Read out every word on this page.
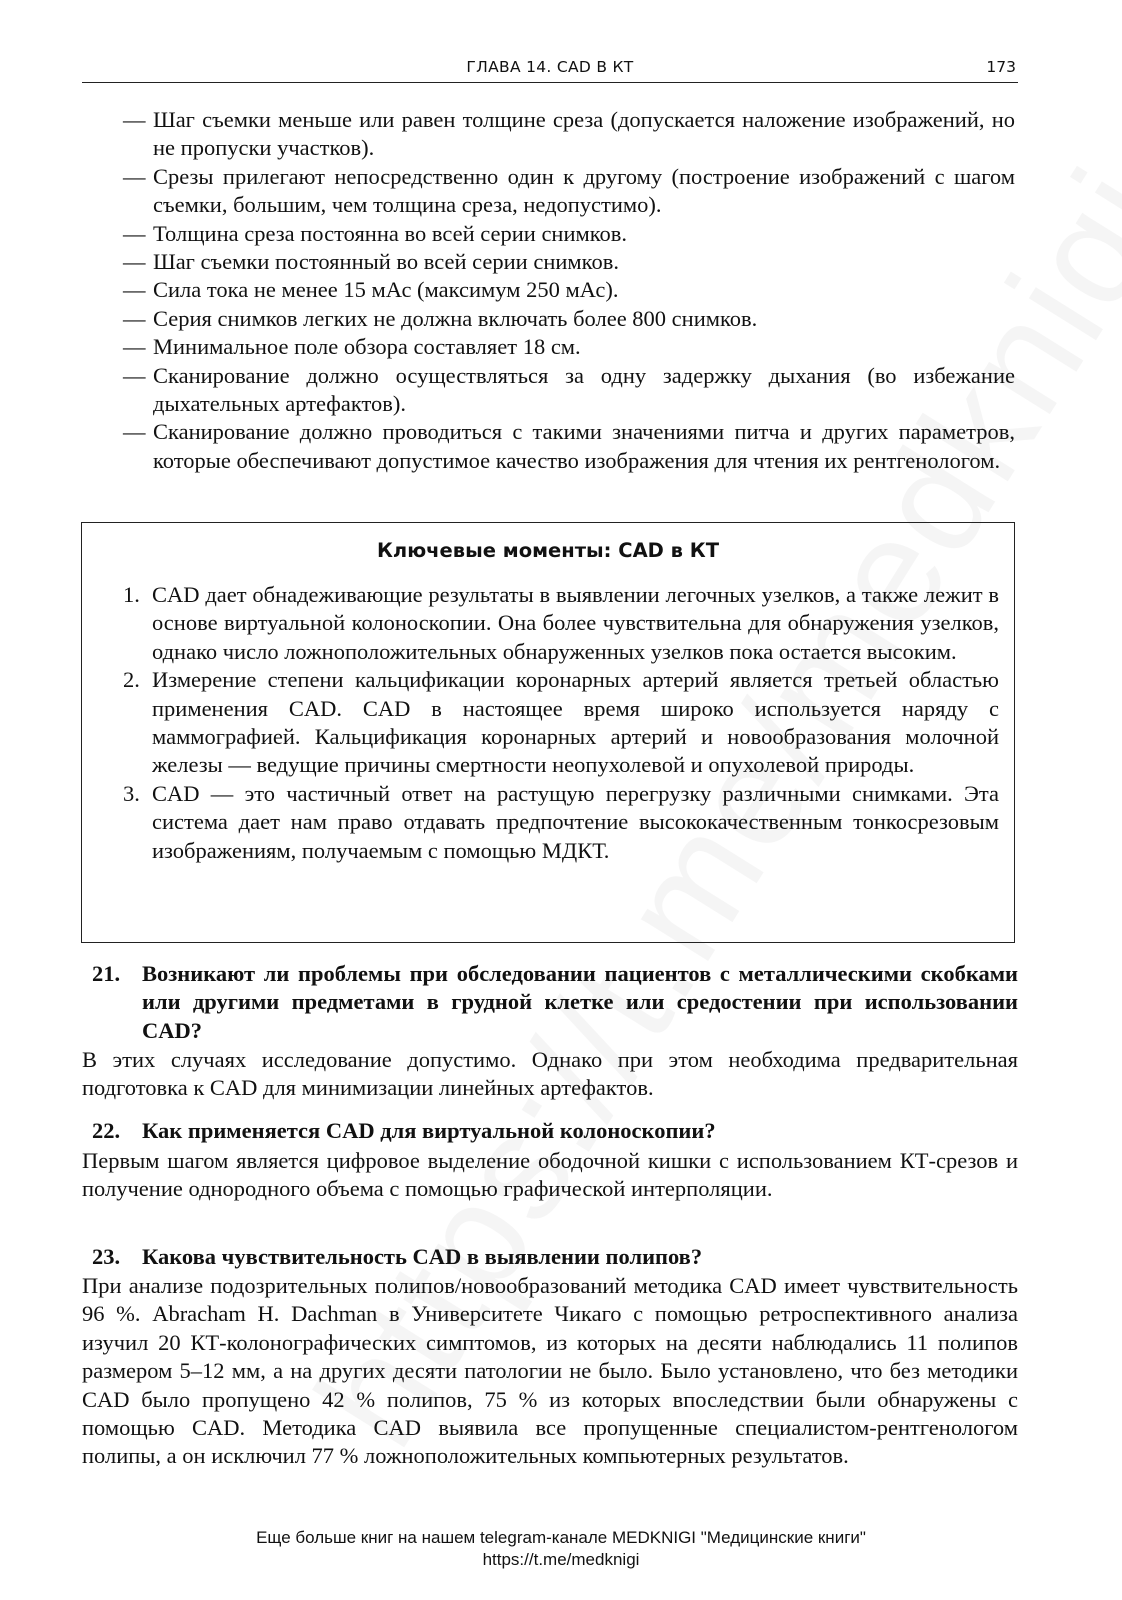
ГЛАВА 14. CAD В КТ	173
— Шаг съемки меньше или равен толщине среза (допускается наложение изображений, но не пропуски участков).
— Срезы прилегают непосредственно один к другому (построение изображений с шагом съемки, большим, чем толщина среза, недопустимо).
— Толщина среза постоянна во всей серии снимков.
— Шаг съемки постоянный во всей серии снимков.
— Сила тока не менее 15 мАс (максимум 250 мАс).
— Серия снимков легких не должна включать более 800 снимков.
— Минимальное поле обзора составляет 18 см.
— Сканирование должно осуществляться за одну задержку дыхания (во избежание дыхательных артефактов).
— Сканирование должно проводиться с такими значениями питча и других параметров, которые обеспечивают допустимое качество изображения для чтения их рентгенологом.
Ключевые моменты: CAD в КТ
1. CAD дает обнадеживающие результаты в выявлении легочных узелков, а также лежит в основе виртуальной колоноскопии. Она более чувствительна для обнаружения узелков, однако число ложноположительных обнаруженных узелков пока остается высоким.
2. Измерение степени кальцификации коронарных артерий является третьей областью применения CAD. CAD в настоящее время широко используется наряду с маммографией. Кальцификация коронарных артерий и новообразования молочной железы — ведущие причины смертности неопухолевой и опухолевой природы.
3. CAD — это частичный ответ на растущую перегрузку различными снимками. Эта система дает нам право отдавать предпочтение высококачественным тонкосрезовым изображениям, получаемым с помощью МДКТ.
21. Возникают ли проблемы при обследовании пациентов с металлическими скобками или другими предметами в грудной клетке или средостении при использовании CAD?
В этих случаях исследование допустимо. Однако при этом необходима предварительная подготовка к CAD для минимизации линейных артефактов.
22. Как применяется CAD для виртуальной колоноскопии?
Первым шагом является цифровое выделение ободочной кишки с использованием КТ-срезов и получение однородного объема с помощью графической интерполяции.
23. Какова чувствительность CAD в выявлении полипов?
При анализе подозрительных полипов/новообразований методика CAD имеет чувствительность 96 %. Abracham H. Dachman в Университете Чикаго с помощью ретроспективного анализа изучил 20 КТ-колонографических симптомов, из которых на десяти наблюдались 11 полипов размером 5–12 мм, а на других десяти патологии не было. Было установлено, что без методики CAD было пропущено 42 % полипов, 75 % из которых впоследствии были обнаружены с помощью CAD. Методика CAD выявила все пропущенные специалистом-рентгенологом полипы, а он исключил 77 % ложноположительных компьютерных результатов.
Еще больше книг на нашем telegram-канале MEDKNIGI "Медицинские книги"
https://t.me/medknigi
